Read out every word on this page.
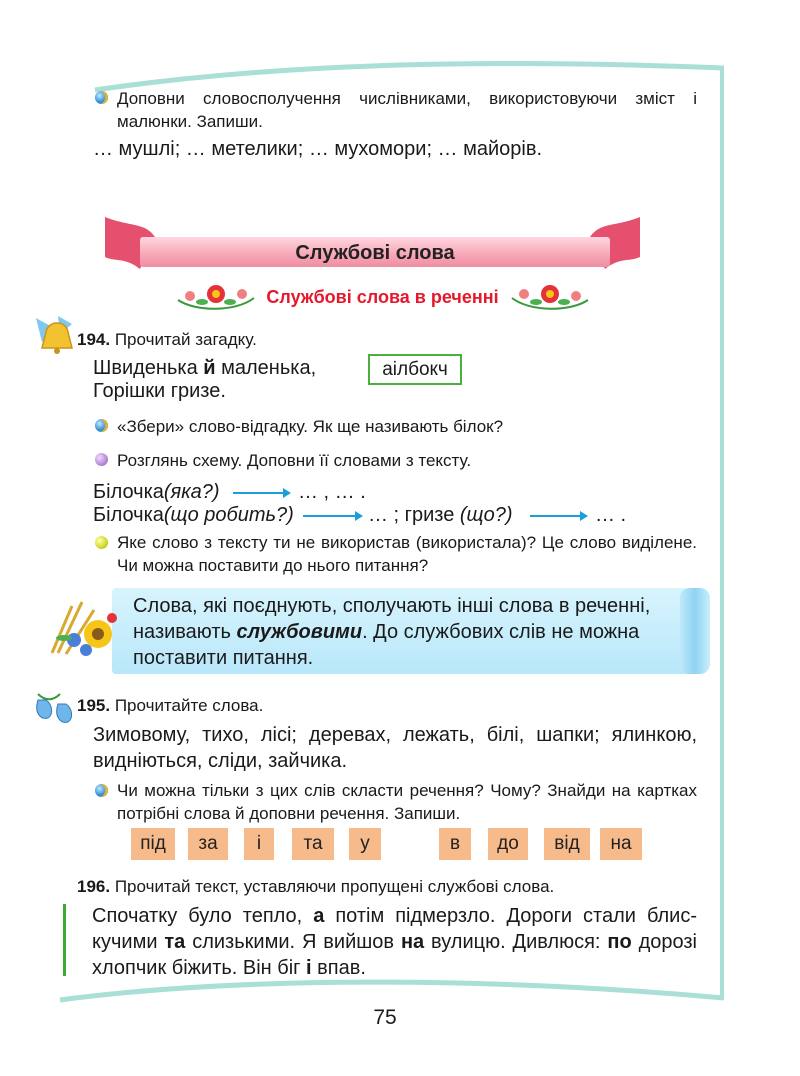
Доповни словосполучення числівниками, використовуючи зміст і малюнки. Запиши.
… мушлі; … метелики; … мухомори; … майорів.
Службові слова
Службові слова в реченні
194. Прочитай загадку.
Швиденька й маленька,
Горішки гризе.
аілбокч
«Збери» слово-відгадку. Як ще називають білок?
Розглянь схему. Доповни її словами з тексту.
Білочка(яка?)	… , … .
Білочка(що робить?)	… ; гризе (що?)	… .
Яке слово з тексту ти не використав (використала)? Це слово виділене. Чи можна поставити до нього питання?
Слова, які поєднують, сполучають інші слова в реченні, називають службовими. До службових слів не можна поставити питання.
195. Прочитайте слова.
Зимовому, тихо, лісі; деревах, лежать, білі, шапки; ялинкою, видніються, сліди, зайчика.
Чи можна тільки з цих слів скласти речення? Чому? Знайди на картках потрібні слова й доповни речення. Запиши.
під	за	і	та	у	в	до	від	на
196. Прочитай текст, уставляючи пропущені службові слова.
Спочатку було тепло, а потім підмерзло. Дороги стали блис-
кучими та слизькими. Я вийшов на вулицю. Дивлюся: по дорозі
хлопчик біжить. Він біг і впав.
75
